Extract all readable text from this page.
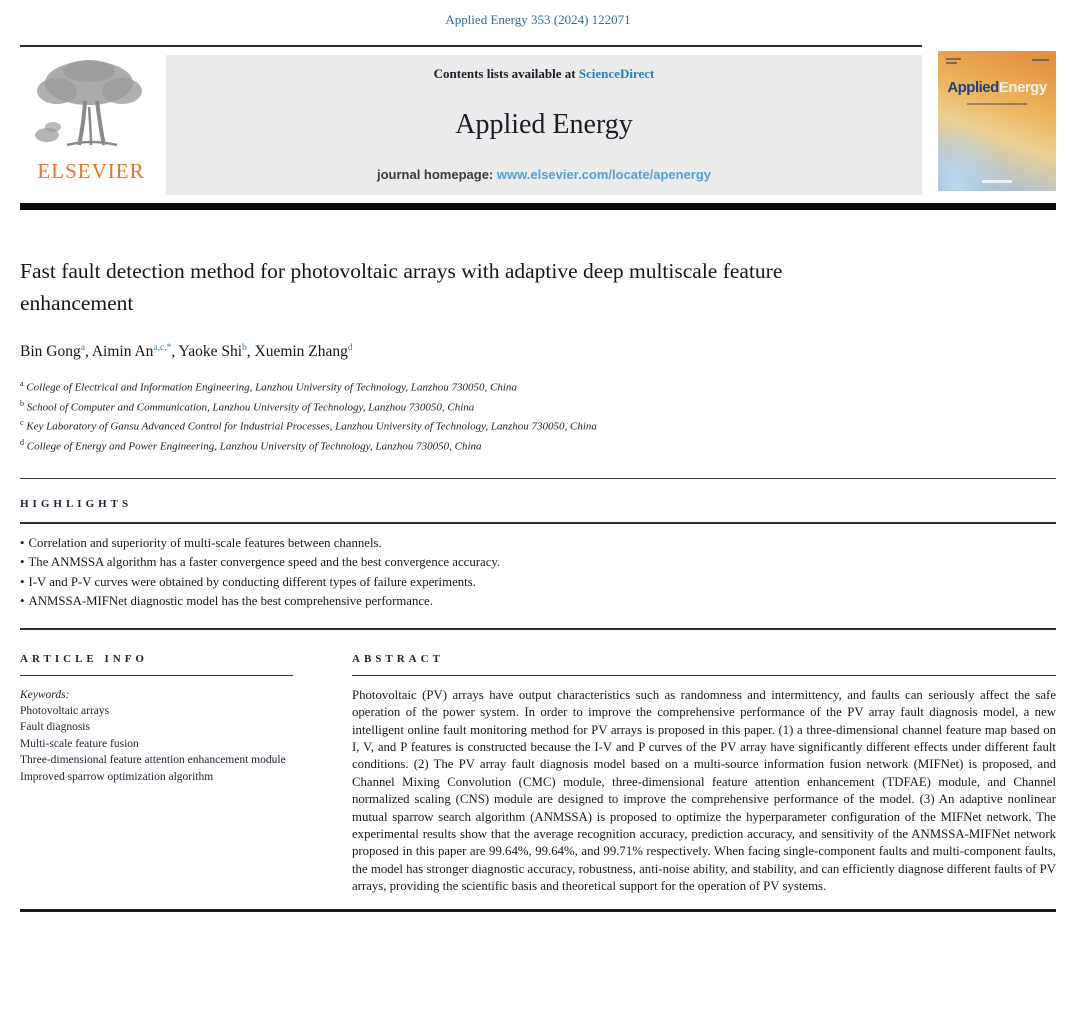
Applied Energy 353 (2024) 122071
ELSEVIER
Contents lists available at ScienceDirect
Applied Energy
journal homepage: www.elsevier.com/locate/apenergy
AppliedEnergy
Fast fault detection method for photovoltaic arrays with adaptive deep multiscale feature enhancement
Bin Gong$^a$, Aimin $An^{a,c,*}$, Yaoke Shi$^b$, Xuemin Zhang$^d$
$^a$ College of Electrical and Information Engineering, Lanzhou University of Technology, Lanzhou 730050, China
$^b$ School of Computer and Communication, Lanzhou University of Technology, Lanzhou 730050, China
$^c$ Key Laboratory of Gansu Advanced Control for Industrial Processes, Lanzhou University of Technology, Lanzhou 730050, China
$^d$ College of Energy and Power Engineering, Lanzhou University of Technology, Lanzhou 730050, China
HIGHLIGHTS
• Correlation and superiority of multi-scale features between channels.
• The ANMSSA algorithm has a faster convergence speed and the best convergence accuracy.
• I-V and P-V curves were obtained by conducting different types of failure experiments.
• ANMSSA-MIFNet diagnostic model has the best comprehensive performance.
ARTICLE INFO
Keywords:
Photovoltaic arrays
Fault diagnosis
Multi-scale feature fusion
Three-dimensional feature attention enhancement module
Improved sparrow optimization algorithm
ABSTRACT

Photovoltaic (PV) arrays have output characteristics such as randomness and intermittency, and faults can seriously affect the safe operation of the power system. In order to improve the comprehensive performance of the PV array fault diagnosis model, a new intelligent online fault monitoring method for PV arrays is proposed in this paper. (1) a three-dimensional channel feature map based on I, V, and P features is constructed because the I-V and P curves of the PV array have significantly different effects under different fault conditions. (2) The PV array fault diagnosis model based on a multi-source information fusion network (MIFNet) is proposed, and Channel Mixing Convolution (CMC) module, three-dimensional feature attention enhancement (TDFAE) module, and Channel normalized scaling (CNS) module are designed to improve the comprehensive performance of the model. (3) An adaptive nonlinear mutual sparrow search algorithm (ANMSSA) is proposed to optimize the hyperparameter configuration of the MIFNet network. The experimental results show that the average recognition accuracy, prediction accuracy, and sensitivity of the ANMSSA-MIFNet network proposed in this paper are 99.64%, 99.64%, and 99.71% respectively. When facing single-component faults and multi-component faults, the model has stronger diagnostic accuracy, robustness, anti-noise ability, and stability, and can efficiently diagnose different faults of PV arrays, providing the scientific basis and theoretical support for the operation of PV systems.
